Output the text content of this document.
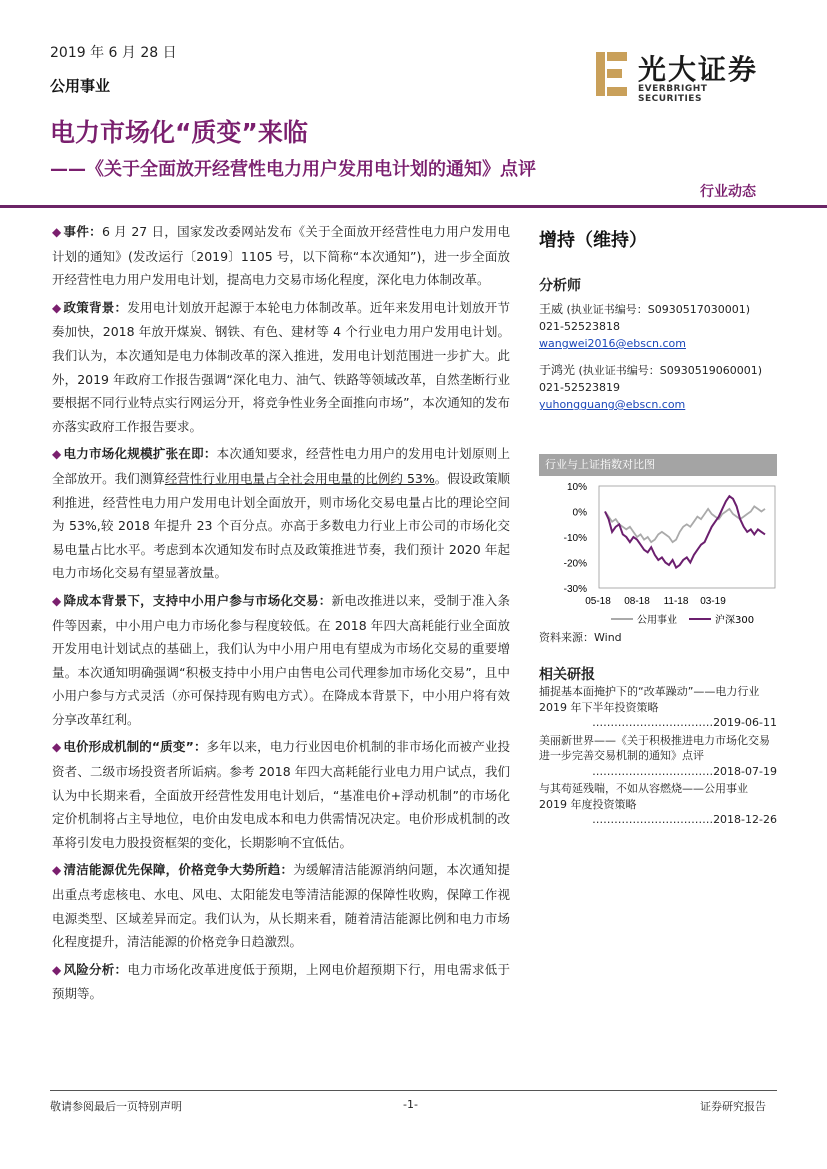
2019 年 6 月 28 日
公用事业	光大证券
EVERBRIGHT SECURITIES
电力市场化“质变”来临
——《关于全面放开经营性电力用户发用电计划的通知》点评
行业动态

◆ 事件：6 月 27 日，国家发改委网站发布《关于全面放开经营性电力用户发用电计划的通知》(发改运行〔2019〕1105 号，以下简称“本次通知”)，进一步全面放开经营性电力用户发用电计划，提高电力交易市场化程度，深化电力体制改革。

◆ 政策背景：发用电计划放开起源于本轮电力体制改革。近年来发用电计划放开节奏加快，2018 年放开煤炭、钢铁、有色、建材等 4 个行业电力用户发用电计划。我们认为，本次通知是电力体制改革的深入推进，发用电计划范围进一步扩大。此外，2019 年政府工作报告强调“深化电力、油气、铁路等领域改革，自然垄断行业要根据不同行业特点实行网运分开，将竞争性业务全面推向市场”，本次通知的发布亦落实政府工作报告要求。

◆ 电力市场化规模扩张在即：本次通知要求，经营性电力用户的发用电计划原则上全部放开。我们测算经营性行业用电量占全社会用电量的比例约 53%。假设政策顺利推进，经营性电力用户发用电计划全面放开，则市场化交易电量占比的理论空间为 53%,较 2018 年提升 23 个百分点。亦高于多数电力行业上市公司的市场化交易电量占比水平。考虑到本次通知发布时点及政策推进节奏，我们预计 2020 年起电力市场化交易有望显著放量。

◆ 降成本背景下，支持中小用户参与市场化交易：新电改推进以来，受制于准入条件等因素，中小用户电力市场化参与程度较低。在 2018 年四大高耗能行业全面放开发用电计划试点的基础上，我们认为中小用户用电有望成为市场化交易的重要增量。本次通知明确强调“积极支持中小用户由售电公司代理参加市场化交易”，且中小用户参与方式灵活（亦可保持现有购电方式）。在降成本背景下，中小用户将有效分享改革红利。

◆ 电价形成机制的“质变”：多年以来，电力行业因电价机制的非市场化而被产业投资者、二级市场投资者所诟病。参考 2018 年四大高耗能行业电力用户试点，我们认为中长期来看，全面放开经营性发用电计划后，“基准电价+浮动机制”的市场化定价机制将占主导地位，电价由发电成本和电力供需情况决定。电价形成机制的改革将引发电力股投资框架的变化，长期影响不宜低估。

◆ 清洁能源优先保障，价格竞争大势所趋：为缓解清洁能源消纳问题，本次通知提出重点考虑核电、水电、风电、太阳能发电等清洁能源的保障性收购，保障工作视电源类型、区域差异而定。我们认为，从长期来看，随着清洁能源比例和电力市场化程度提升，清洁能源的价格竞争日趋激烈。

◆ 风险分析：电力市场化改革进度低于预期，上网电价超预期下行，用电需求低于预期等。

增持（维持）
分析师
王威 (执业证书编号：S0930517030001)
021-52523818
wangwei2016@ebscn.com
于鸿光 (执业证书编号：S0930519060001)
021-52523819
yuhongguang@ebscn.com
行业与上证指数对比图
10%
0%
-10%
-20%
-30%
05-18 08-18 11-18 03-19
公用事业	沪深300
资料来源：Wind
相关研报
捕捉基本面掩护下的“改革躁动”——电力行业 2019 年下半年投资策略
……………………………2019-06-11
美丽新世界——《关于积极推进电力市场化交易 进一步完善交易机制的通知》点评
……………………………2018-07-19
与其苟延残喘，不如从容燃烧——公用事业 2019 年度投资策略
……………………………2018-12-26
敬请参阅最后一页特别声明	-1-	证券研究报告
